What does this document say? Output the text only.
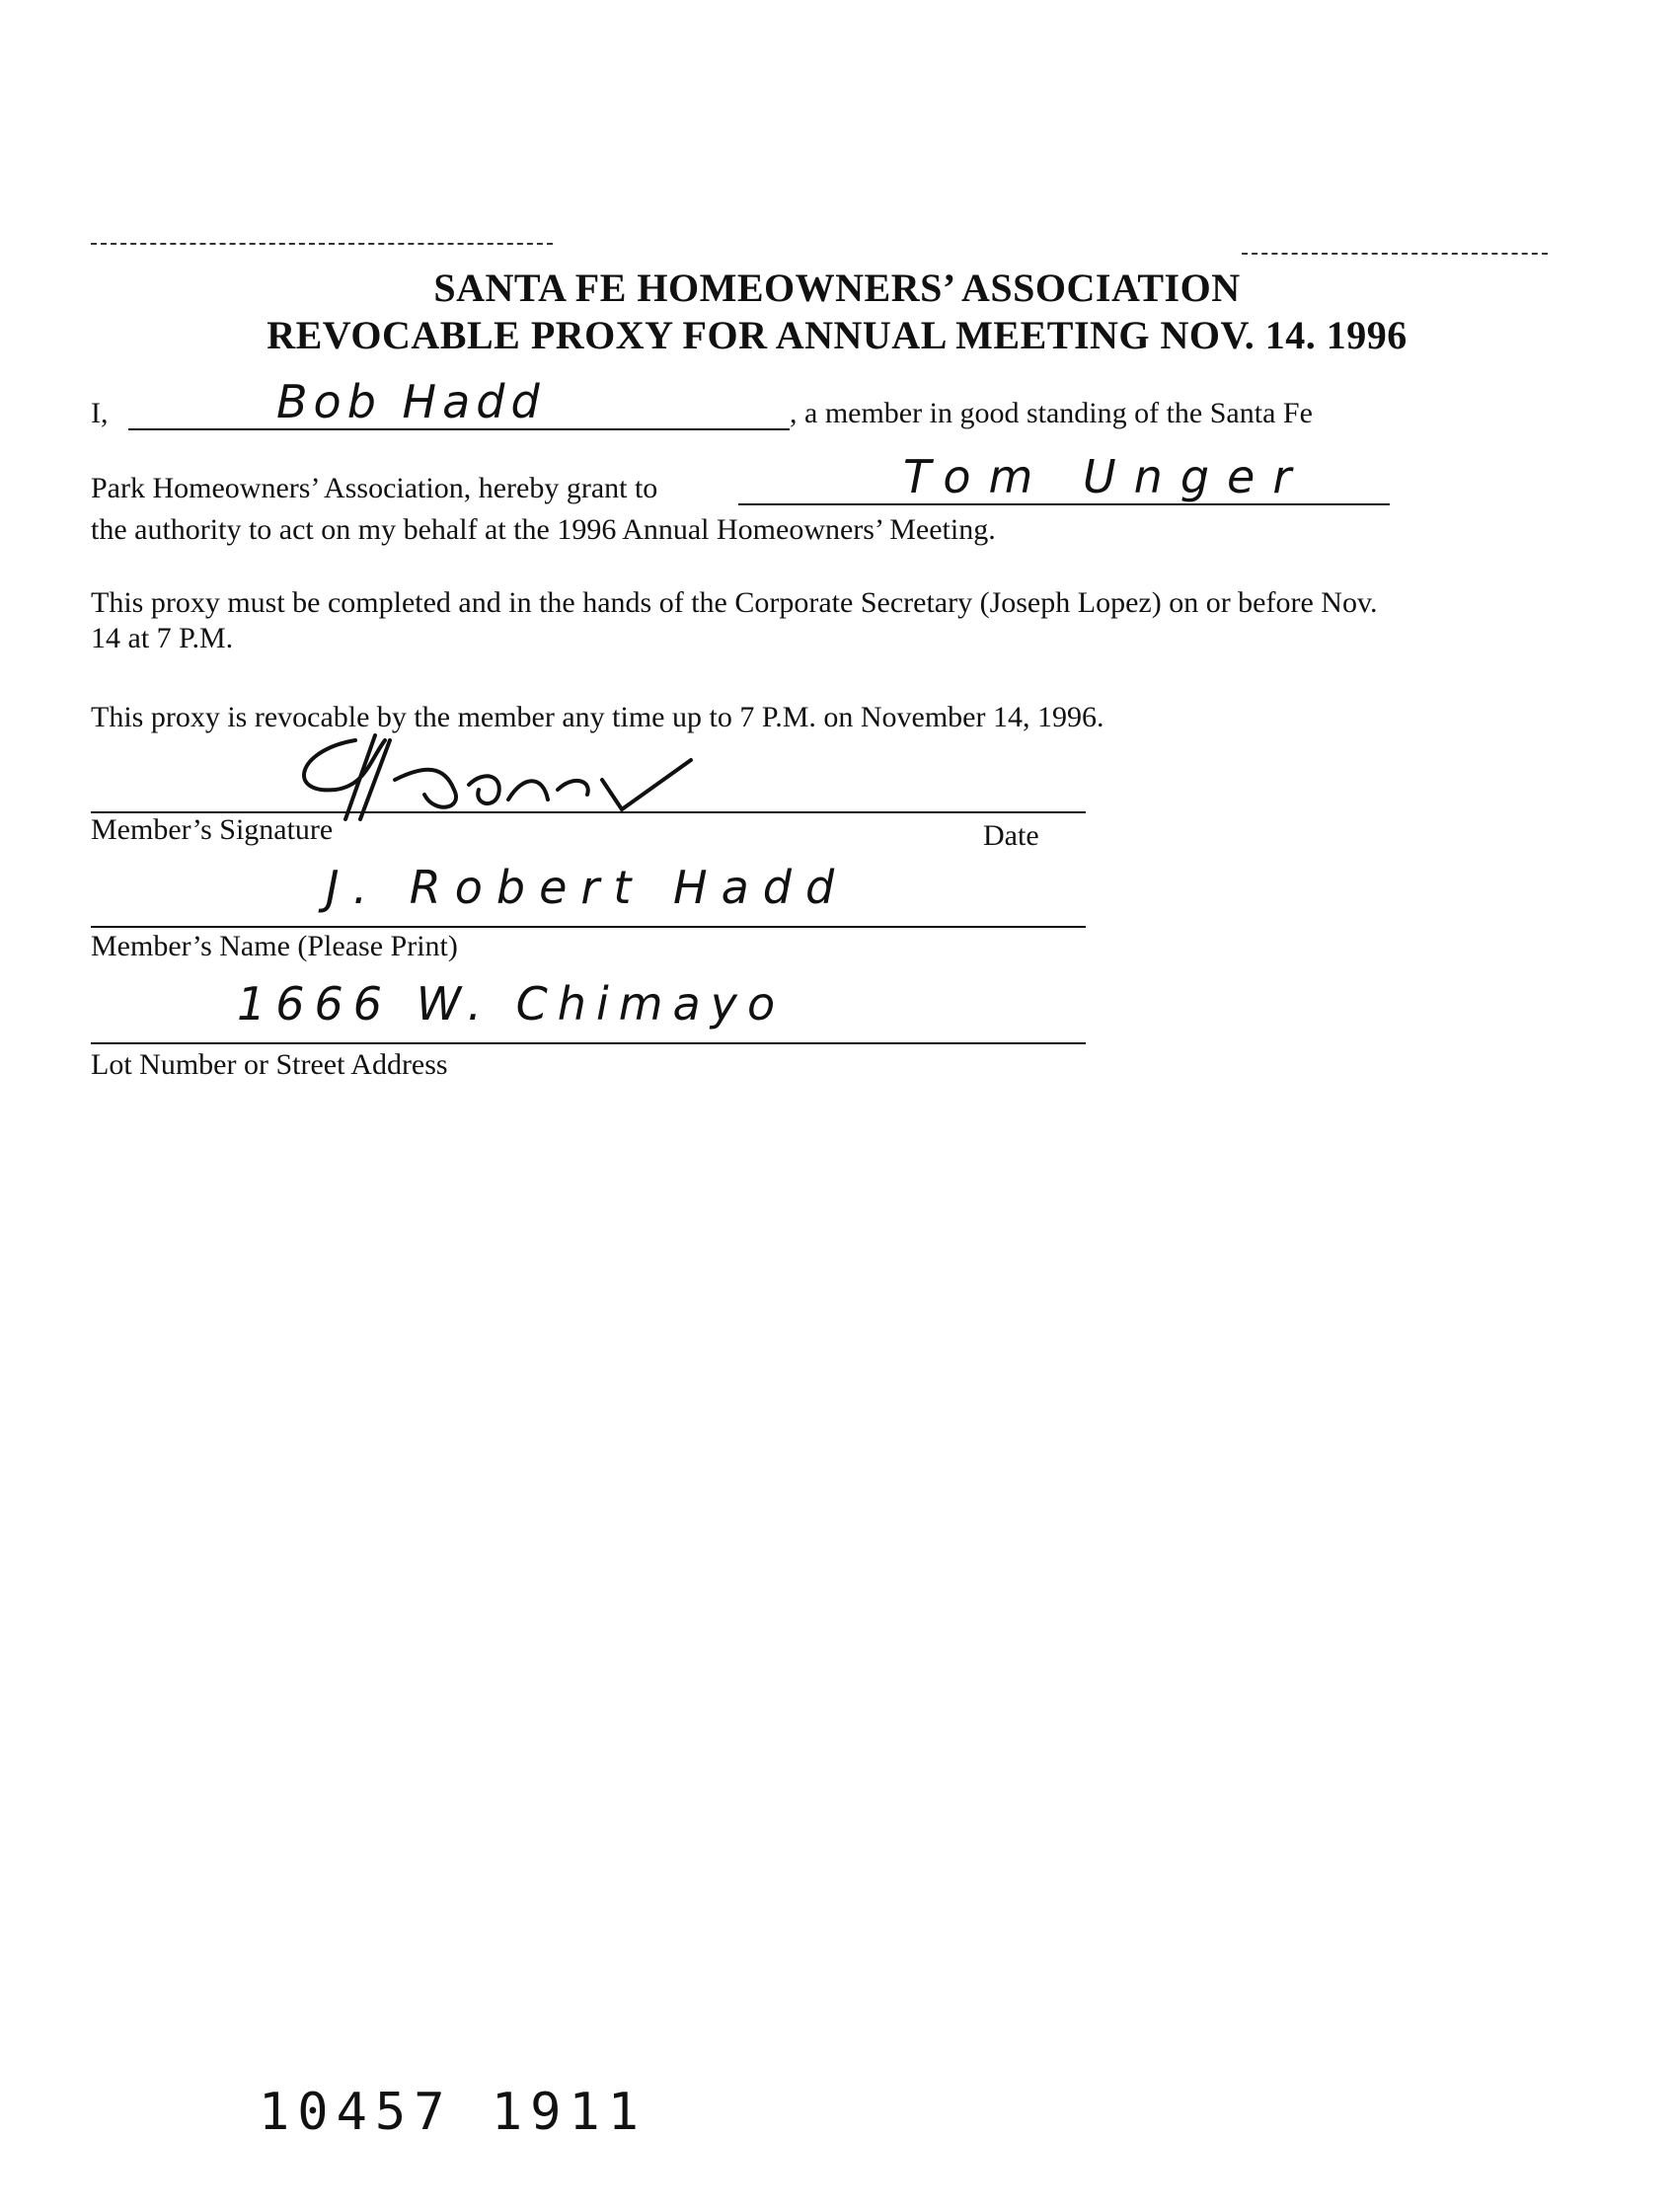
SANTA FE HOMEOWNERS’ ASSOCIATION
REVOCABLE PROXY FOR ANNUAL MEETING NOV. 14. 1996
I,	Bob Hadd	, a member in good standing of the Santa Fe
Park Homeowners’ Association, hereby grant to	Tom Unger
the authority to act on my behalf at the 1996 Annual Homeowners’ Meeting.
This proxy must be completed and in the hands of the Corporate Secretary (Joseph Lopez) on or before Nov.
14 at 7 P.M.
This proxy is revocable by the member any time up to 7 P.M. on November 14, 1996.
Member’s Signature	Date
J. Robert Hadd
Member’s Name (Please Print)
1666 W. Chimayo
Lot Number or Street Address
10457 1911
